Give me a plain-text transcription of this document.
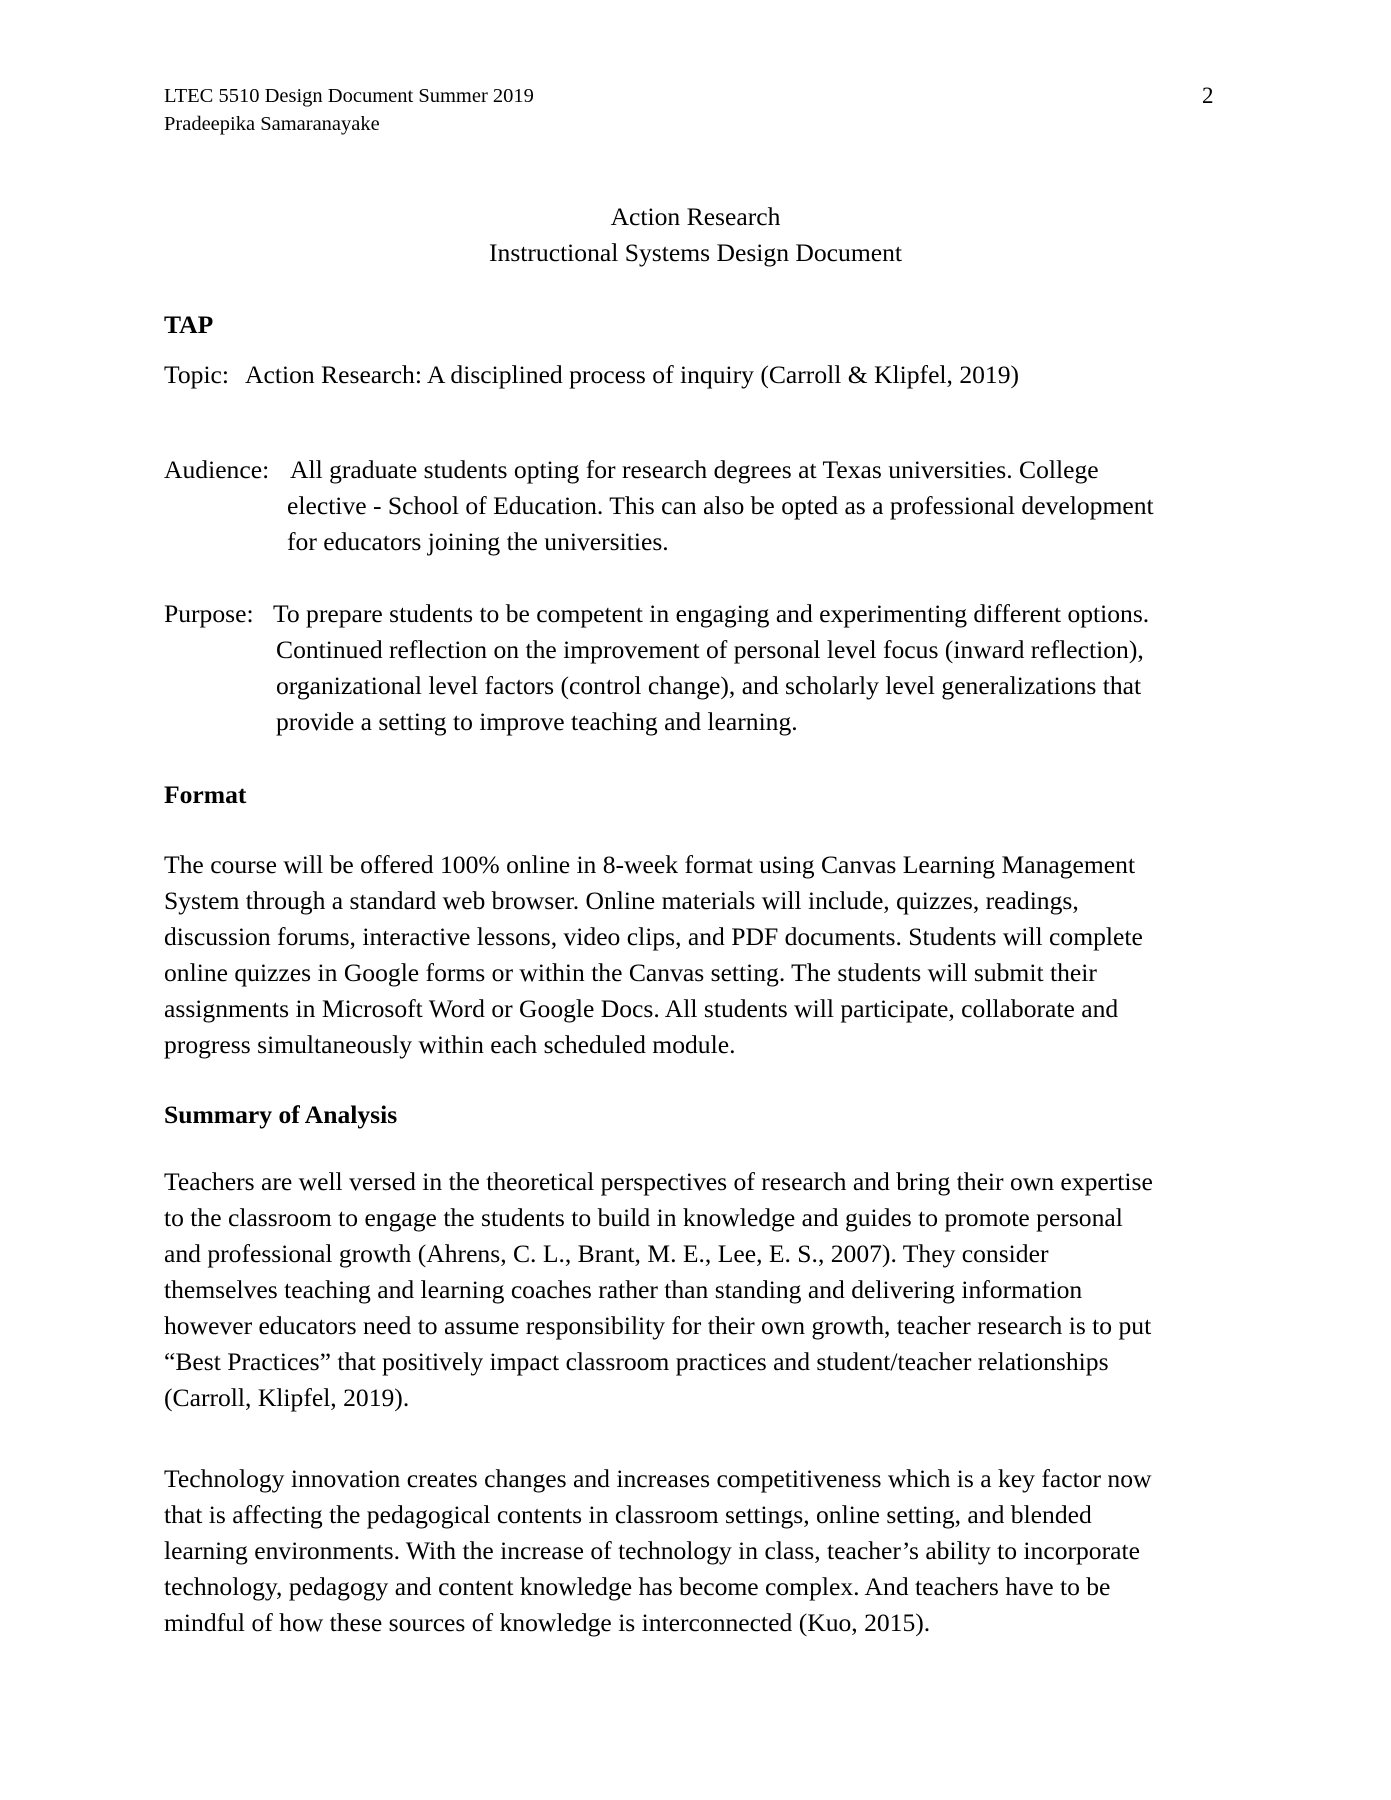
LTEC 5510 Design Document Summer 2019
Pradeepika Samaranayake
2
Action Research
Instructional Systems Design Document
TAP
Topic: Action Research: A disciplined process of inquiry (Carroll & Klipfel, 2019)
Audience: All graduate students opting for research degrees at Texas universities. College
elective - School of Education. This can also be opted as a professional development
for educators joining the universities.
Purpose: To prepare students to be competent in engaging and experimenting different options.
Continued reflection on the improvement of personal level focus (inward reflection),
organizational level factors (control change), and scholarly level generalizations that
provide a setting to improve teaching and learning.
Format
The course will be offered 100% online in 8-week format using Canvas Learning Management
System through a standard web browser. Online materials will include, quizzes, readings,
discussion forums, interactive lessons, video clips, and PDF documents. Students will complete
online quizzes in Google forms or within the Canvas setting. The students will submit their
assignments in Microsoft Word or Google Docs. All students will participate, collaborate and
progress simultaneously within each scheduled module.
Summary of Analysis
Teachers are well versed in the theoretical perspectives of research and bring their own expertise
to the classroom to engage the students to build in knowledge and guides to promote personal
and professional growth (Ahrens, C. L., Brant, M. E., Lee, E. S., 2007). They consider
themselves teaching and learning coaches rather than standing and delivering information
however educators need to assume responsibility for their own growth, teacher research is to put
“Best Practices” that positively impact classroom practices and student/teacher relationships
(Carroll, Klipfel, 2019).
Technology innovation creates changes and increases competitiveness which is a key factor now
that is affecting the pedagogical contents in classroom settings, online setting, and blended
learning environments. With the increase of technology in class, teacher’s ability to incorporate
technology, pedagogy and content knowledge has become complex. And teachers have to be
mindful of how these sources of knowledge is interconnected (Kuo, 2015).
